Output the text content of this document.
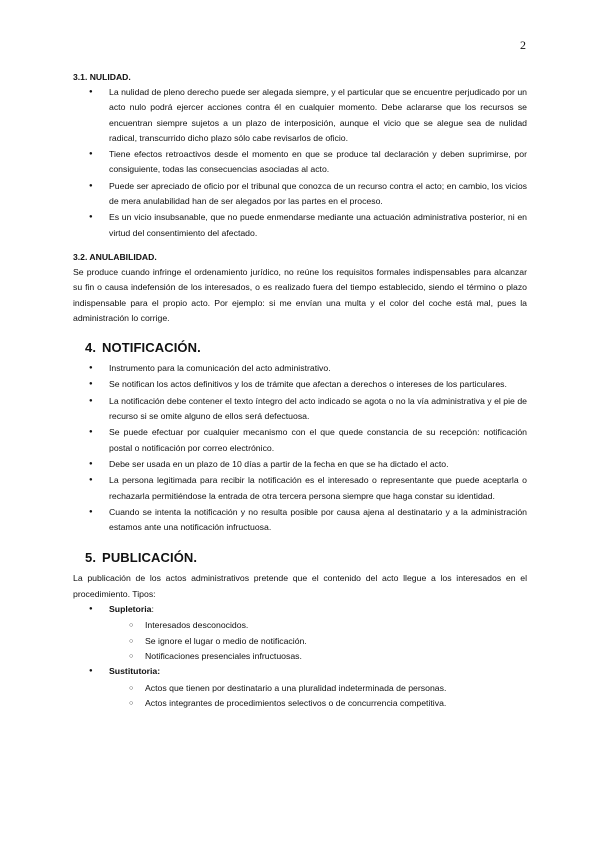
2
3.1. NULIDAD.
● La nulidad de pleno derecho puede ser alegada siempre, y el particular que se encuentre perjudicado por un acto nulo podrá ejercer acciones contra él en cualquier momento. Debe aclararse que los recursos se encuentran siempre sujetos a un plazo de interposición, aunque el vicio que se alegue sea de nulidad radical, transcurrido dicho plazo sólo cabe revisarlos de oficio.
● Tiene efectos retroactivos desde el momento en que se produce tal declaración y deben suprimirse, por consiguiente, todas las consecuencias asociadas al acto.
● Puede ser apreciado de oficio por el tribunal que conozca de un recurso contra el acto; en cambio, los vicios de mera anulabilidad han de ser alegados por las partes en el proceso.
● Es un vicio insubsanable, que no puede enmendarse mediante una actuación administrativa posterior, ni en virtud del consentimiento del afectado.
3.2. ANULABILIDAD.

Se produce cuando infringe el ordenamiento jurídico, no reúne los requisitos formales indispensables para alcanzar su fin o causa indefensión de los interesados, o es realizado fuera del tiempo establecido, siendo el término o plazo indispensable para el propio acto. Por ejemplo: si me envían una multa y el color del coche está mal, pues la administración lo corrige.

4. NOTIFICACIÓN.
● Instrumento para la comunicación del acto administrativo.
● Se notifican los actos definitivos y los de trámite que afectan a derechos o intereses de los particulares.
● La notificación debe contener el texto íntegro del acto indicado se agota o no la vía administrativa y el pie de recurso si se omite alguno de ellos será defectuosa.
● Se puede efectuar por cualquier mecanismo con el que quede constancia de su recepción: notificación postal o notificación por correo electrónico.
● Debe ser usada en un plazo de 10 días a partir de la fecha en que se ha dictado el acto.
● La persona legitimada para recibir la notificación es el interesado o representante que puede aceptarla o rechazarla permitiéndose la entrada de otra tercera persona siempre que haga constar su identidad.
● Cuando se intenta la notificación y no resulta posible por causa ajena al destinatario y a la administración estamos ante una notificación infructuosa.
5. PUBLICACIÓN.

La publicación de los actos administrativos pretende que el contenido del acto llegue a los interesados en el procedimiento. Tipos:

● Supletoria:
○ Interesados desconocidos.
○ Se ignore el lugar o medio de notificación.
○ Notificaciones presenciales infructuosas.
● Sustitutoria:
○ Actos que tienen por destinatario a una pluralidad indeterminada de personas.
○ Actos integrantes de procedimientos selectivos o de concurrencia competitiva.
